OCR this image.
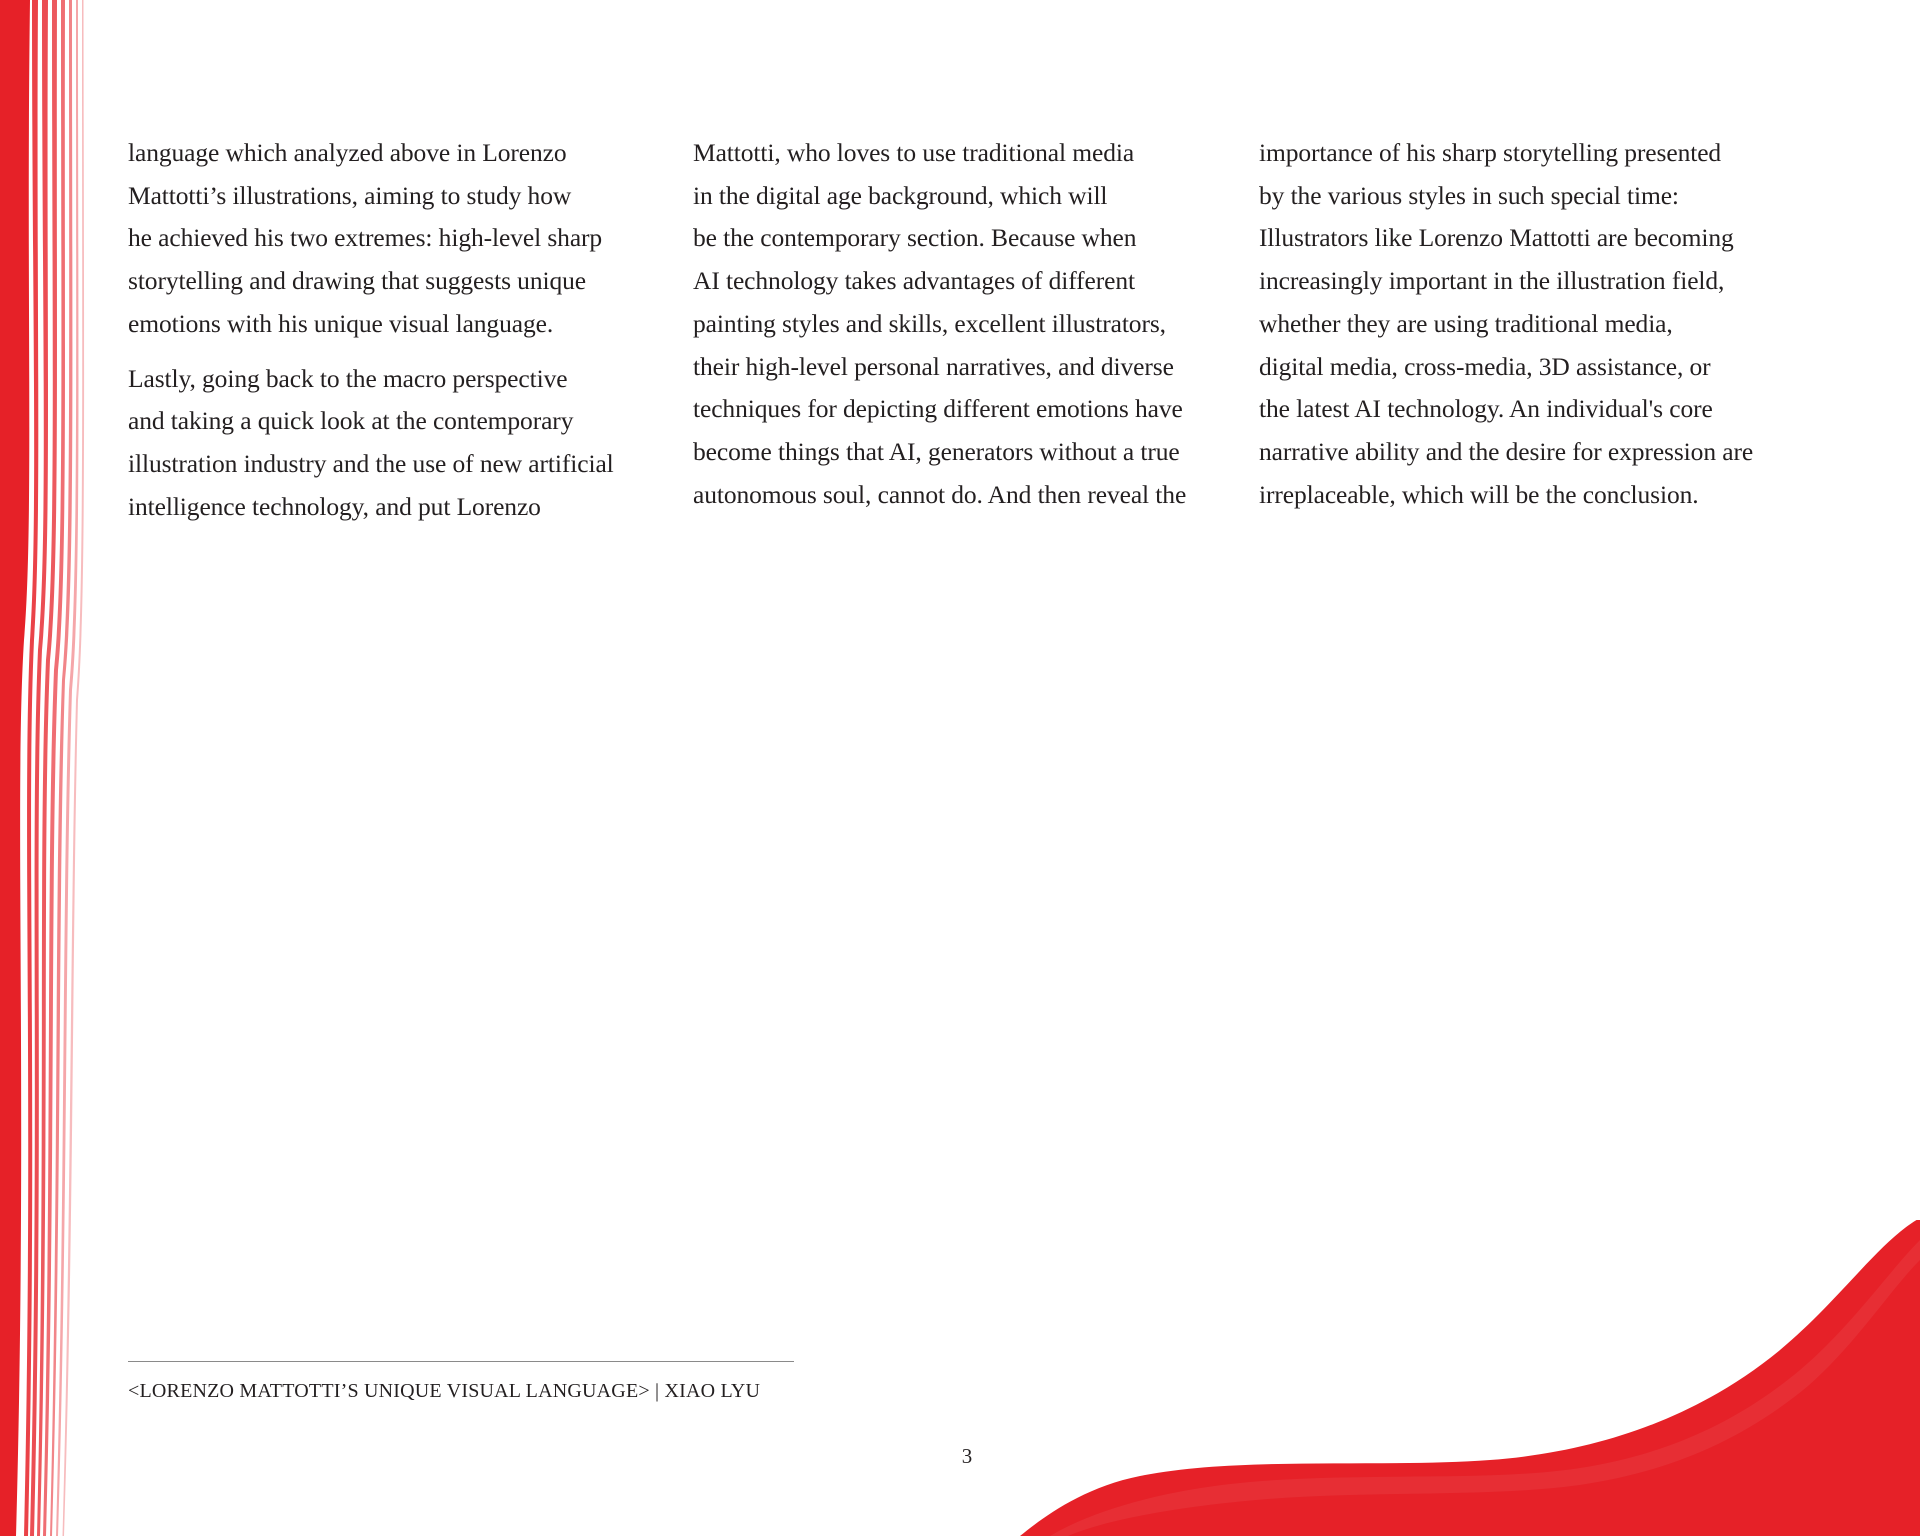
language which analyzed above in Lorenzo
Mattotti’s illustrations, aiming to study how
he achieved his two extremes: high-level sharp
storytelling and drawing that suggests unique
emotions with his unique visual language.

Lastly, going back to the macro perspective
and taking a quick look at the contemporary
illustration industry and the use of new artificial
intelligence technology, and put Lorenzo

Mattotti, who loves to use traditional media
in the digital age background, which will
be the contemporary section. Because when
AI technology takes advantages of different
painting styles and skills, excellent illustrators,
their high-level personal narratives, and diverse
techniques for depicting different emotions have
become things that AI, generators without a true
autonomous soul, cannot do. And then reveal the

importance of his sharp storytelling presented
by the various styles in such special time:
Illustrators like Lorenzo Mattotti are becoming
increasingly important in the illustration field,
whether they are using traditional media,
digital media, cross-media, 3D assistance, or
the latest AI technology. An individual's core
narrative ability and the desire for expression are
irreplaceable, which will be the conclusion.

<LORENZO MATTOTTI’S UNIQUE VISUAL LANGUAGE> | XIAO LYU
3
